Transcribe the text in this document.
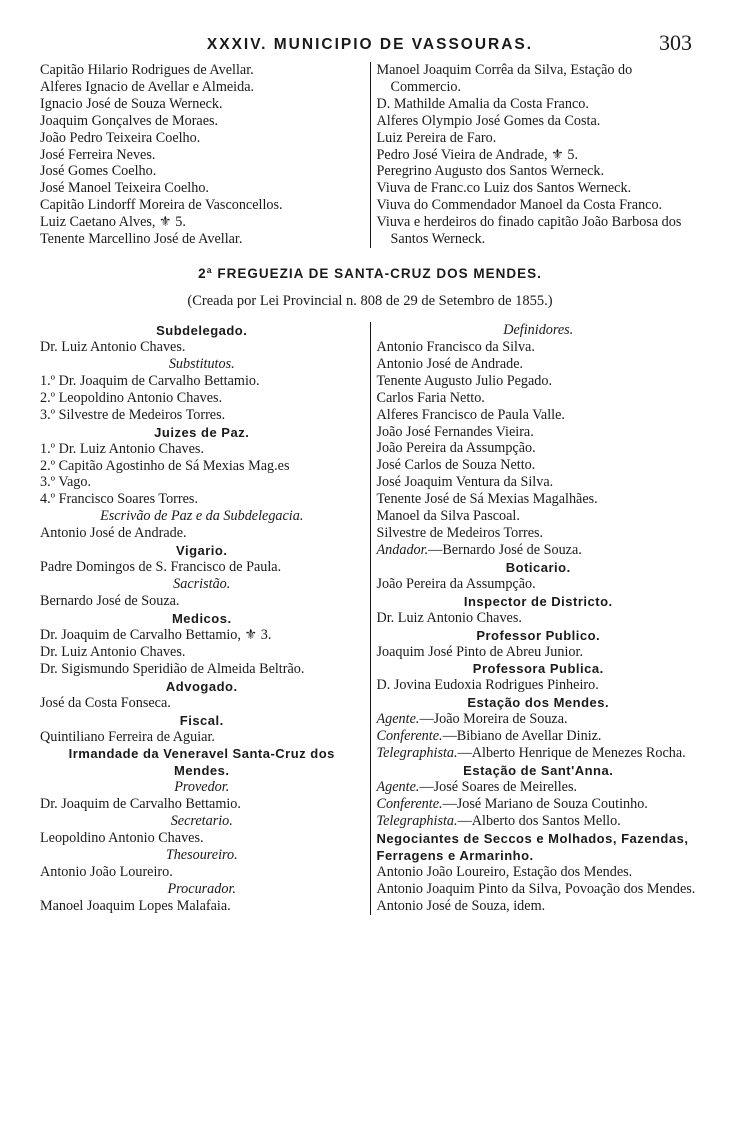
XXXIV. MUNICIPIO DE VASSOURAS.	303
Capitão Hilario Rodrigues de Avellar.
Alferes Ignacio de Avellar e Almeida.
Ignacio José de Souza Werneck.
Joaquim Gonçalves de Moraes.
João Pedro Teixeira Coelho.
José Ferreira Neves.
José Gomes Coelho.
José Manoel Teixeira Coelho.
Capitão Lindorff Moreira de Vasconcellos.
Luiz Caetano Alves, ⚜ 5.
Tenente Marcellino José de Avellar.
Manoel Joaquim Corrêa da Silva, Estação do Commercio.
D. Mathilde Amalia da Costa Franco.
Alferes Olympio José Gomes da Costa.
Luiz Pereira de Faro.
Pedro José Vieira de Andrade, ⚜ 5.
Peregrino Augusto dos Santos Werneck.
Viuva de Franc.co Luiz dos Santos Werneck.
Viuva do Commendador Manoel da Costa Franco.
Viuva e herdeiros do finado capitão João Barbosa dos Santos Werneck.
2ª FREGUEZIA DE SANTA-CRUZ DOS MENDES.
(Creada por Lei Provincial n. 808 de 29 de Setembro de 1855.)
Subdelegado.
Dr. Luiz Antonio Chaves.
Substitutos.
1.º Dr. Joaquim de Carvalho Bettamio.
2.º Leopoldino Antonio Chaves.
3.º Silvestre de Medeiros Torres.
Juizes de Paz.
1.º Dr. Luiz Antonio Chaves.
2.º Capitão Agostinho de Sá Mexias Mag.es
3.º Vago.
4.º Francisco Soares Torres.
Escrivão de Paz e da Subdelegacia.
Antonio José de Andrade.
Vigario.
Padre Domingos de S. Francisco de Paula.
Sacristão.
Bernardo José de Souza.
Medicos.
Dr. Joaquim de Carvalho Bettamio, ⚜ 3.
Dr. Luiz Antonio Chaves.
Dr. Sigismundo Speridião de Almeida Beltrão.
Advogado.
José da Costa Fonseca.
Fiscal.
Quintiliano Ferreira de Aguiar.
Irmandade da Veneravel Santa-Cruz dos Mendes.
Provedor.
Dr. Joaquim de Carvalho Bettamio.
Secretario.
Leopoldino Antonio Chaves.
Thesoureiro.
Antonio João Loureiro.
Procurador.
Manoel Joaquim Lopes Malafaia.
Definidores.
Antonio Francisco da Silva.
Antonio José de Andrade.
Tenente Augusto Julio Pegado.
Carlos Faria Netto.
Alferes Francisco de Paula Valle.
João José Fernandes Vieira.
João Pereira da Assumpção.
José Carlos de Souza Netto.
José Joaquim Ventura da Silva.
Tenente José de Sá Mexias Magalhães.
Manoel da Silva Pascoal.
Silvestre de Medeiros Torres.
Andador.—Bernardo José de Souza.
Boticario.
João Pereira da Assumpção.
Inspector de Districto.
Dr. Luiz Antonio Chaves.
Professor Publico.
Joaquim José Pinto de Abreu Junior.
Professora Publica.
D. Jovina Eudoxia Rodrigues Pinheiro.
Estação dos Mendes.
Agente.—João Moreira de Souza.
Conferente.—Bibiano de Avellar Diniz.
Telegraphista.—Alberto Henrique de Menezes Rocha.
Estação de Sant'Anna.
Agente.—José Soares de Meirelles.
Conferente.—José Mariano de Souza Coutinho.
Telegraphista.—Alberto dos Santos Mello.
Negociantes de Seccos e Molhados, Fazendas, Ferragens e Armarinho.
Antonio João Loureiro, Estação dos Mendes.
Antonio Joaquim Pinto da Silva, Povoação dos Mendes.
Antonio José de Souza, idem.
